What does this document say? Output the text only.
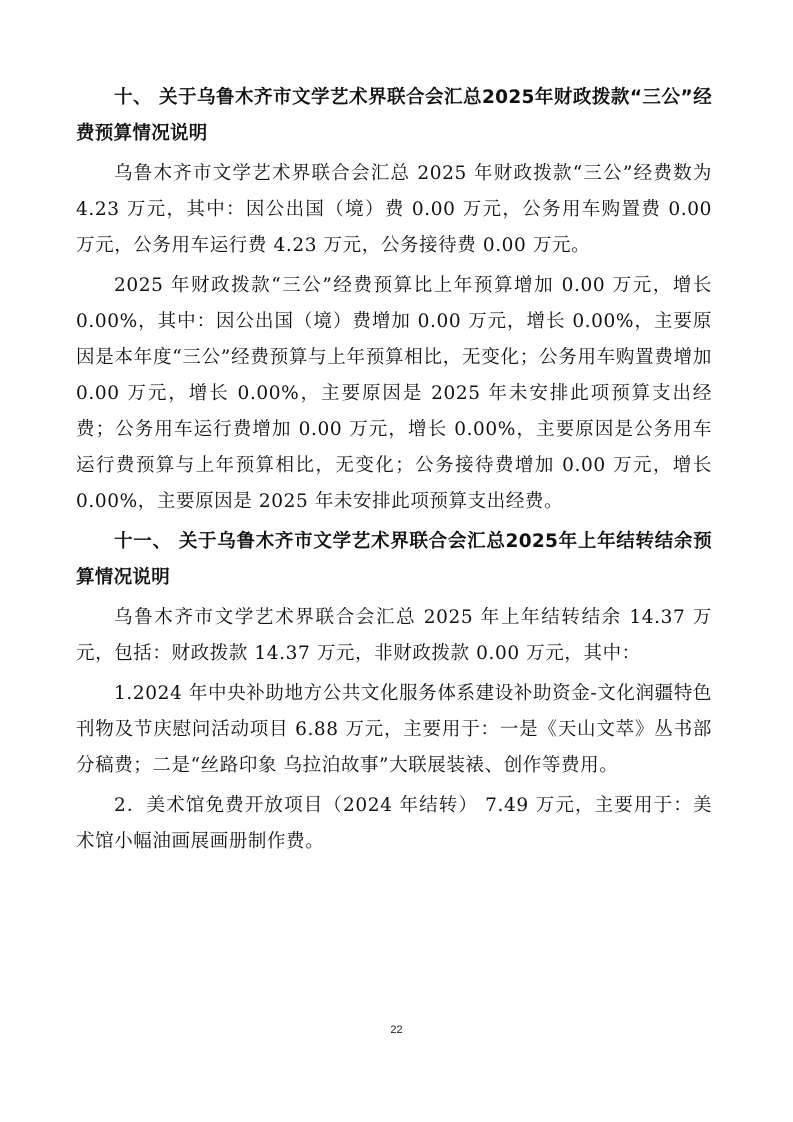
十、 关于乌鲁木齐市文学艺术界联合会汇总2025年财政拨款“三公”经费预算情况说明

乌鲁木齐市文学艺术界联合会汇总 2025 年财政拨款“三公”经费数为 4.23 万元，其中：因公出国（境）费 0.00 万元，公务用车购置费 0.00 万元，公务用车运行费 4.23 万元，公务接待费 0.00 万元。

2025 年财政拨款“三公”经费预算比上年预算增加 0.00 万元，增长 0.00%，其中：因公出国（境）费增加 0.00 万元，增长 0.00%，主要原因是本年度“三公”经费预算与上年预算相比，无变化；公务用车购置费增加 0.00 万元，增长 0.00%，主要原因是 2025 年未安排此项预算支出经费；公务用车运行费增加 0.00 万元，增长 0.00%，主要原因是公务用车运行费预算与上年预算相比，无变化；公务接待费增加 0.00 万元，增长 0.00%，主要原因是 2025 年未安排此项预算支出经费。

十一、 关于乌鲁木齐市文学艺术界联合会汇总2025年上年结转结余预算情况说明

乌鲁木齐市文学艺术界联合会汇总 2025 年上年结转结余 14.37 万元，包括：财政拨款 14.37 万元，非财政拨款 0.00 万元，其中：

1.2024 年中央补助地方公共文化服务体系建设补助资金-文化润疆特色刊物及节庆慰问活动项目 6.88 万元，主要用于：一是《天山文萃》丛书部分稿费；二是“丝路印象 乌拉泊故事”大联展装裱、创作等费用。

2．美术馆免费开放项目（2024 年结转） 7.49 万元，主要用于：美术馆小幅油画展画册制作费。

22
